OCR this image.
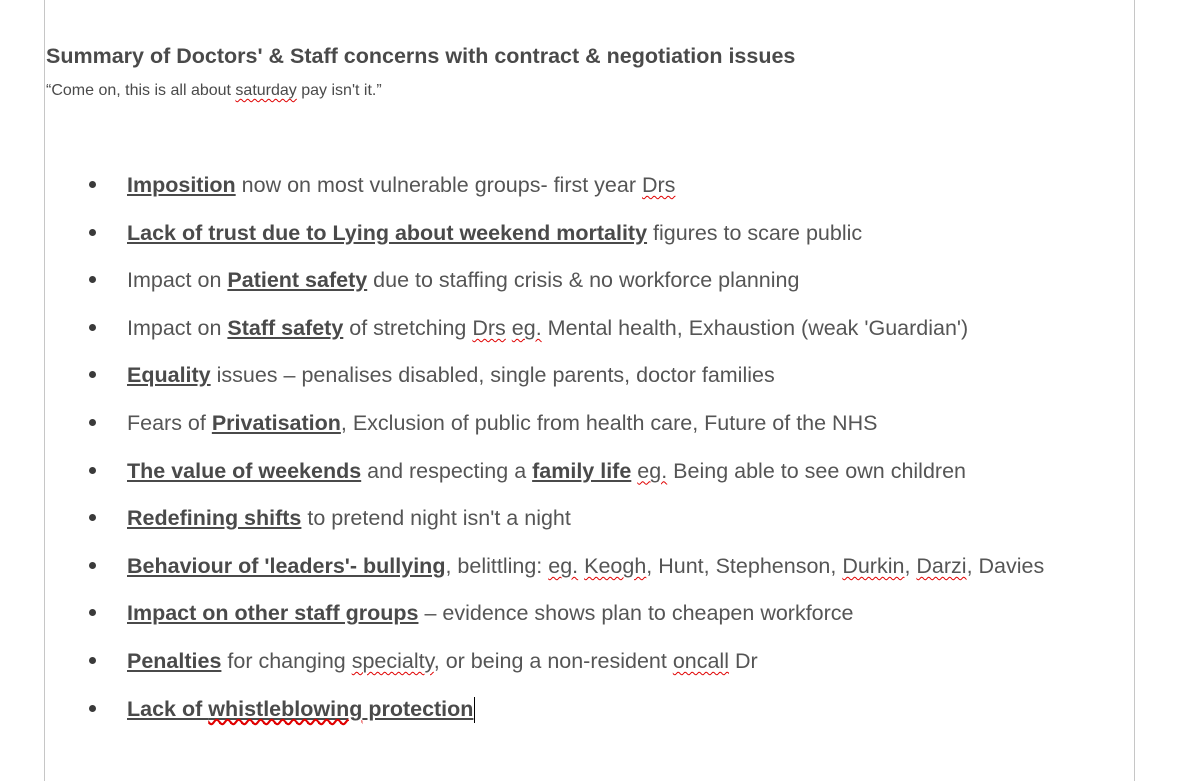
Summary of Doctors' & Staff concerns with contract & negotiation issues

“Come on, this is all about saturday pay isn't it.”

Imposition now on most vulnerable groups- first year Drs
Lack of trust due to Lying about weekend mortality figures to scare public
Impact on Patient safety due to staffing crisis & no workforce planning
Impact on Staff safety of stretching Drs eg. Mental health, Exhaustion (weak 'Guardian')
Equality issues – penalises disabled, single parents, doctor families
Fears of Privatisation, Exclusion of public from health care, Future of the NHS
The value of weekends and respecting a family life eg. Being able to see own children
Redefining shifts to pretend night isn't a night
Behaviour of 'leaders'- bullying, belittling: eg. Keogh, Hunt, Stephenson, Durkin, Darzi, Davies
Impact on other staff groups – evidence shows plan to cheapen workforce
Penalties for changing specialty, or being a non-resident oncall Dr
Lack of whistleblowing protection
